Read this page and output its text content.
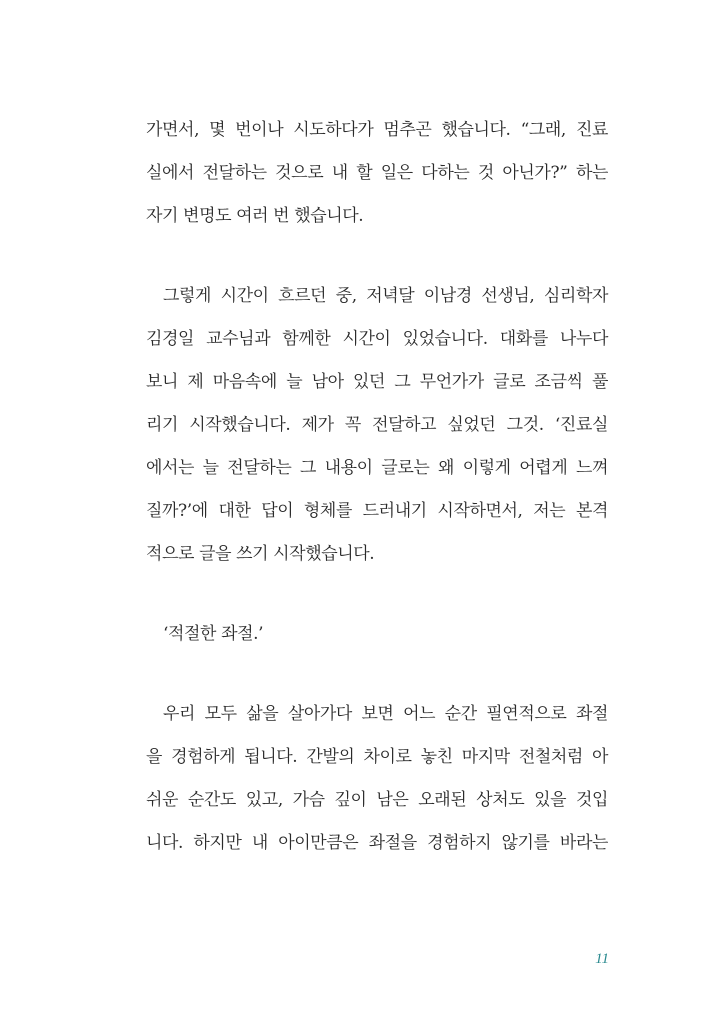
가면서, 몇 번이나 시도하다가 멈추곤 했습니다. “그래, 진료
실에서 전달하는 것으로 내 할 일은 다하는 것 아닌가?” 하는
자기 변명도 여러 번 했습니다.
그렇게 시간이 흐르던 중, 저녁달 이남경 선생님, 심리학자
김경일 교수님과 함께한 시간이 있었습니다. 대화를 나누다
보니 제 마음속에 늘 남아 있던 그 무언가가 글로 조금씩 풀
리기 시작했습니다. 제가 꼭 전달하고 싶었던 그것. ‘진료실
에서는 늘 전달하는 그 내용이 글로는 왜 이렇게 어렵게 느껴
질까?’에 대한 답이 형체를 드러내기 시작하면서, 저는 본격
적으로 글을 쓰기 시작했습니다.
‘적절한 좌절.’
우리 모두 삶을 살아가다 보면 어느 순간 필연적으로 좌절
을 경험하게 됩니다. 간발의 차이로 놓친 마지막 전철처럼 아
쉬운 순간도 있고, 가슴 깊이 남은 오래된 상처도 있을 것입
니다. 하지만 내 아이만큼은 좌절을 경험하지 않기를 바라는
11
